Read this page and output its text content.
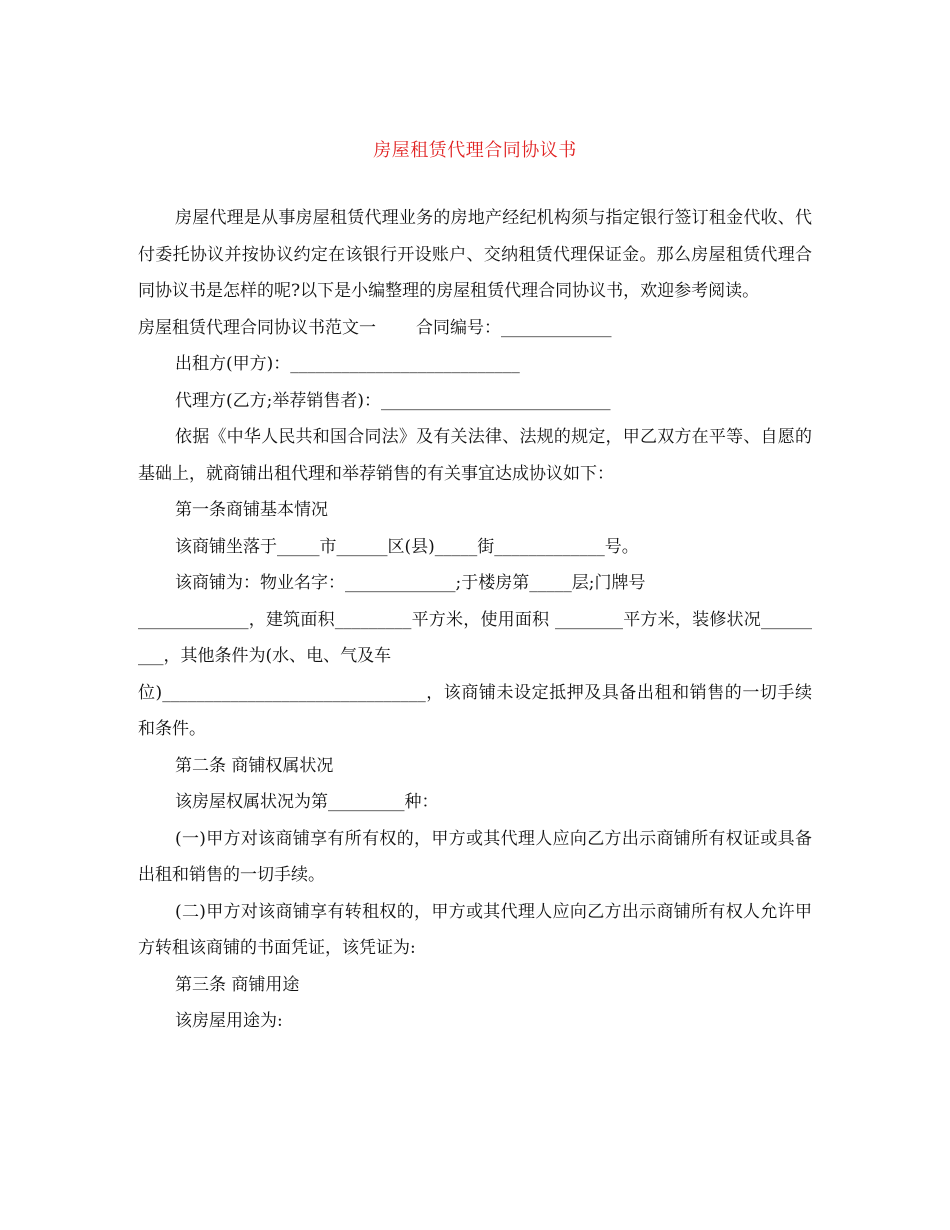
房屋租赁代理合同协议书

房屋代理是从事房屋租赁代理业务的房地产经纪机构须与指定银行签订租金代收、代付委托协议并按协议约定在该银行开设账户、交纳租赁代理保证金。那么房屋租赁代理合同协议书是怎样的呢?以下是小编整理的房屋租赁代理合同协议书，欢迎参考阅读。

房屋租赁代理合同协议书范文一 合同编号：_____________

出租方(甲方)：___________________________

代理方(乙方;举荐销售者)：___________________________

依据《中华人民共和国合同法》及有关法律、法规的规定，甲乙双方在平等、自愿的基础上，就商铺出租代理和举荐销售的有关事宜达成协议如下：

第一条商铺基本情况

该商铺坐落于_____市______区(县)_____街_____________号。

该商铺为：物业名字：_____________;于楼房第_____层;门牌号

_____________，建筑面积_________平方米，使用面积 ________平方米，装修状况_________，其他条件为(水、电、气及车

位)_______________________________，该商铺未设定抵押及具备出租和销售的一切手续和条件。

第二条 商铺权属状况

该房屋权属状况为第_________种：

(一)甲方对该商铺享有所有权的，甲方或其代理人应向乙方出示商铺所有权证或具备出租和销售的一切手续。

(二)甲方对该商铺享有转租权的，甲方或其代理人应向乙方出示商铺所有权人允许甲方转租该商铺的书面凭证，该凭证为:

第三条 商铺用途

该房屋用途为:
